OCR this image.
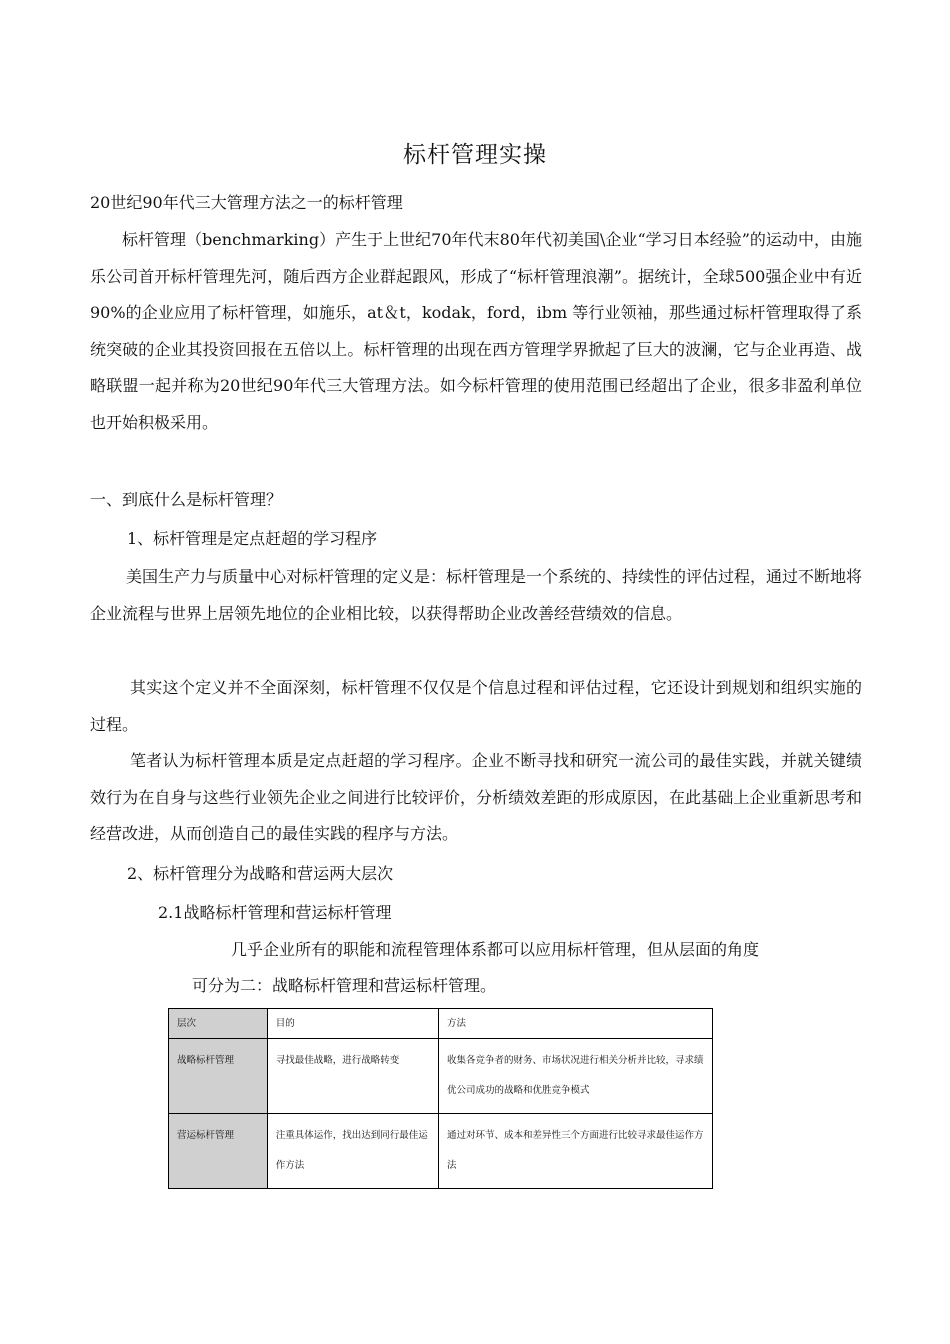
标杆管理实操
20世纪90年代三大管理方法之一的标杆管理
标杆管理（benchmarking）产生于上世纪70年代末80年代初美国\企业“学习日本经验”的运动中，由施乐公司首开标杆管理先河，随后西方企业群起跟风，形成了“标杆管理浪潮”。据统计，全球500强企业中有近90%的企业应用了标杆管理，如施乐，at＆t，kodak，ford，ibm 等行业领袖，那些通过标杆管理取得了系统突破的企业其投资回报在五倍以上。标杆管理的出现在西方管理学界掀起了巨大的波澜，它与企业再造、战略联盟一起并称为20世纪90年代三大管理方法。如今标杆管理的使用范围已经超出了企业，很多非盈利单位也开始积极采用。
一、到底什么是标杆管理？
1、标杆管理是定点赶超的学习程序
美国生产力与质量中心对标杆管理的定义是：标杆管理是一个系统的、持续性的评估过程，通过不断地将企业流程与世界上居领先地位的企业相比较，以获得帮助企业改善经营绩效的信息。
其实这个定义并不全面深刻，标杆管理不仅仅是个信息过程和评估过程，它还设计到规划和组织实施的过程。
笔者认为标杆管理本质是定点赶超的学习程序。企业不断寻找和研究一流公司的最佳实践，并就关键绩效行为在自身与这些行业领先企业之间进行比较评价，分析绩效差距的形成原因，在此基础上企业重新思考和经营改进，从而创造自己的最佳实践的程序与方法。
2、标杆管理分为战略和营运两大层次
2.1战略标杆管理和营运标杆管理
几乎企业所有的职能和流程管理体系都可以应用标杆管理，但从层面的角度
可分为二：战略标杆管理和营运标杆管理。
层次	目的	方法
战略标杆管理	寻找最佳战略，进行战略转变	收集各竞争者的财务、市场状况进行相关分析并比较，寻求绩优公司成功的战略和优胜竞争模式
营运标杆管理	注重具体运作，找出达到同行最佳运作方法	通过对环节、成本和差异性三个方面进行比较寻求最佳运作方法
